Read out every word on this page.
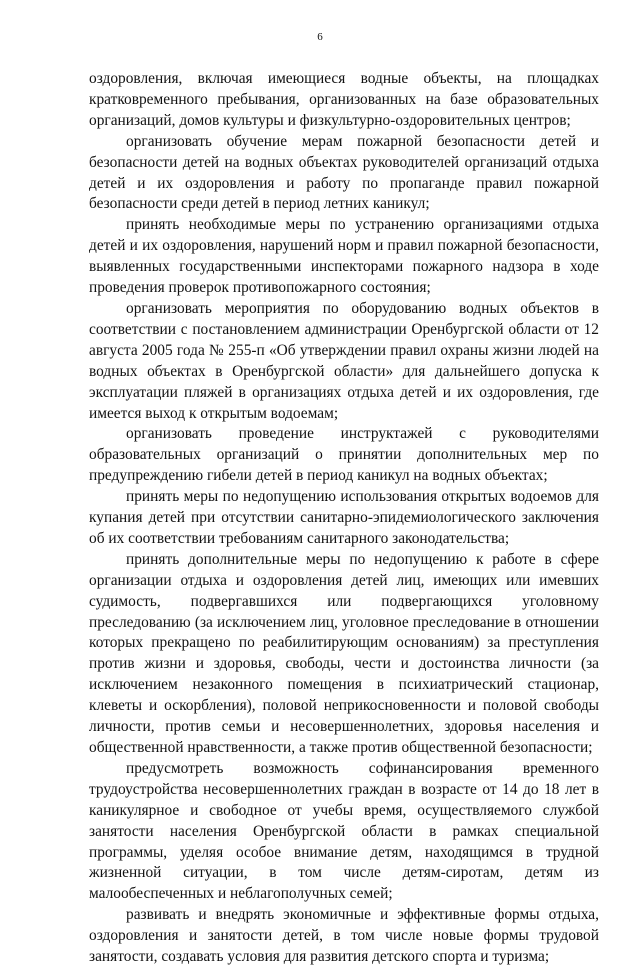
6

оздоровления, включая имеющиеся водные объекты, на площадках кратковременного пребывания, организованных на базе образовательных организаций, домов культуры и физкультурно-оздоровительных центров;

организовать обучение мерам пожарной безопасности детей и безопасности детей на водных объектах руководителей организаций отдыха детей и их оздоровления и работу по пропаганде правил пожарной безопасности среди детей в период летних каникул;

принять необходимые меры по устранению организациями отдыха детей и их оздоровления, нарушений норм и правил пожарной безопасности, выявленных государственными инспекторами пожарного надзора в ходе проведения проверок противопожарного состояния;

организовать мероприятия по оборудованию водных объектов в соответствии с постановлением администрации Оренбургской области от 12 августа 2005 года № 255-п «Об утверждении правил охраны жизни людей на водных объектах в Оренбургской области» для дальнейшего допуска к эксплуатации пляжей в организациях отдыха детей и их оздоровления, где имеется выход к открытым водоемам;

организовать проведение инструктажей с руководителями образовательных организаций о принятии дополнительных мер по предупреждению гибели детей в период каникул на водных объектах;

принять меры по недопущению использования открытых водоемов для купания детей при отсутствии санитарно-эпидемиологического заключения об их соответствии требованиям санитарного законодательства;

принять дополнительные меры по недопущению к работе в сфере организации отдыха и оздоровления детей лиц, имеющих или имевших судимость, подвергавшихся или подвергающихся уголовному преследованию (за исключением лиц, уголовное преследование в отношении которых прекращено по реабилитирующим основаниям) за преступления против жизни и здоровья, свободы, чести и достоинства личности (за исключением незаконного помещения в психиатрический стационар, клеветы и оскорбления), половой неприкосновенности и половой свободы личности, против семьи и несовершеннолетних, здоровья населения и общественной нравственности, а также против общественной безопасности;

предусмотреть возможность софинансирования временного трудоустройства несовершеннолетних граждан в возрасте от 14 до 18 лет в каникулярное и свободное от учебы время, осуществляемого службой занятости населения Оренбургской области в рамках специальной программы, уделяя особое внимание детям, находящимся в трудной жизненной ситуации, в том числе детям-сиротам, детям из малообеспеченных и неблагополучных семей;

развивать и внедрять экономичные и эффективные формы отдыха, оздоровления и занятости детей, в том числе новые формы трудовой занятости, создавать условия для развития детского спорта и туризма;
